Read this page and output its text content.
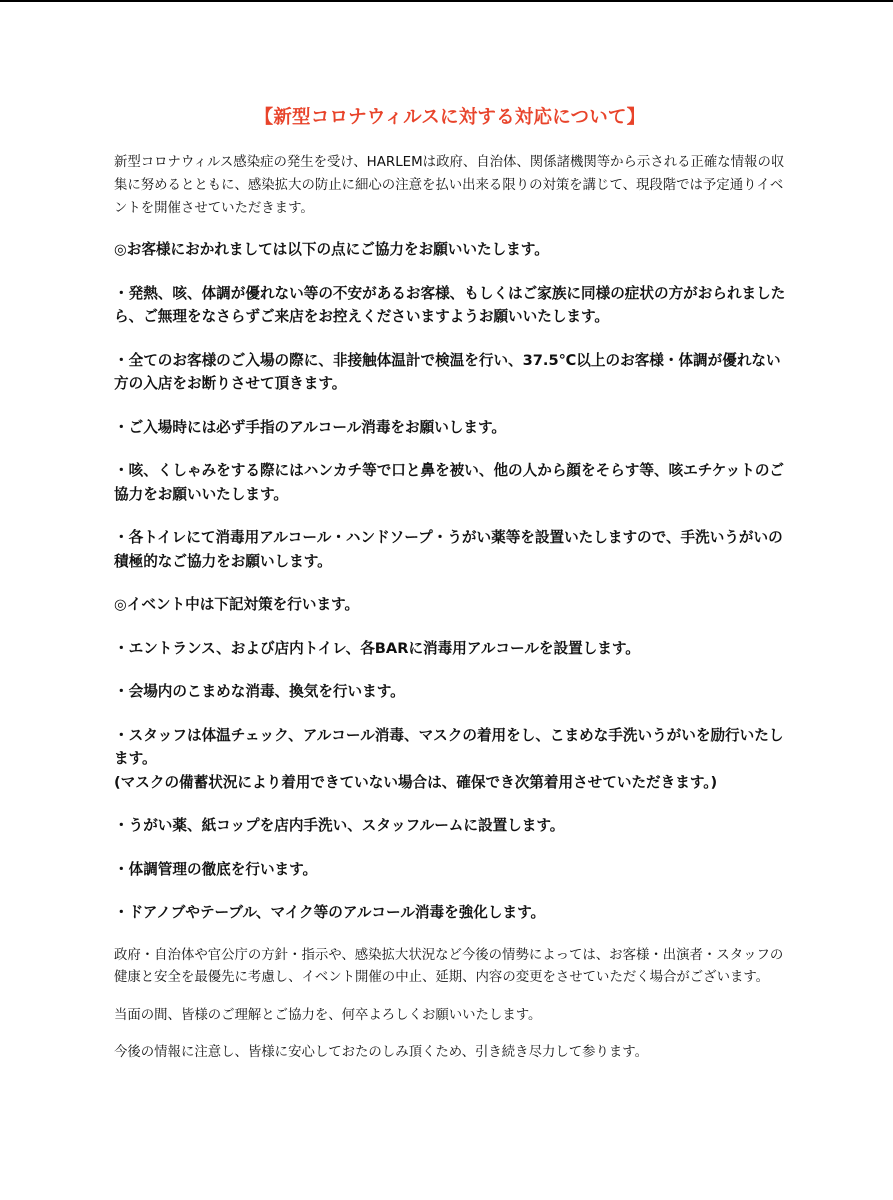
【新型コロナウィルスに対する対応について】

新型コロナウィルス感染症の発生を受け、HARLEMは政府、自治体、関係諸機関等から示される正確な情報の収集に努めるとともに、感染拡大の防止に細心の注意を払い出来る限りの対策を講じて、現段階では予定通りイベントを開催させていただきます。

◎お客様におかれましては以下の点にご協力をお願いいたします。

・発熱、咳、体調が優れない等の不安があるお客様、もしくはご家族に同様の症状の方がおられましたら、ご無理をなさらずご来店をお控えくださいますようお願いいたします。

・全てのお客様のご入場の際に、非接触体温計で検温を行い、37.5℃以上のお客様・体調が優れない方の入店をお断りさせて頂きます。

・ご入場時には必ず手指のアルコール消毒をお願いします。

・咳、くしゃみをする際にはハンカチ等で口と鼻を被い、他の人から顔をそらす等、咳エチケットのご協力をお願いいたします。

・各トイレにて消毒用アルコール・ハンドソープ・うがい薬等を設置いたしますので、手洗いうがいの積極的なご協力をお願いします。

◎イベント中は下記対策を行います。

・エントランス、および店内トイレ、各BARに消毒用アルコールを設置します。

・会場内のこまめな消毒、換気を行います。

・スタッフは体温チェック、アルコール消毒、マスクの着用をし、こまめな手洗いうがいを励行いたします。

(マスクの備蓄状況により着用できていない場合は、確保でき次第着用させていただきます。)

・うがい薬、紙コップを店内手洗い、スタッフルームに設置します。

・体調管理の徹底を行います。

・ドアノブやテーブル、マイク等のアルコール消毒を強化します。

政府・自治体や官公庁の方針・指示や、感染拡大状況など今後の情勢によっては、お客様・出演者・スタッフの健康と安全を最優先に考慮し、イベント開催の中止、延期、内容の変更をさせていただく場合がございます。

当面の間、皆様のご理解とご協力を、何卒よろしくお願いいたします。

今後の情報に注意し、皆様に安心しておたのしみ頂くため、引き続き尽力して参ります。
